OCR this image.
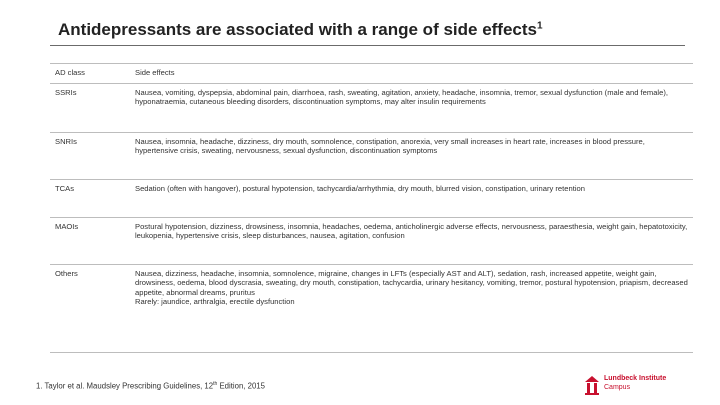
Antidepressants are associated with a range of side effects$^1$
AD class	Side effects
SSRIs	Nausea, vomiting, dyspepsia, abdominal pain, diarrhoea, rash, sweating, agitation, anxiety, headache, insomnia, tremor, sexual dysfunction (male and female), hyponatraemia, cutaneous bleeding disorders, discontinuation symptoms, may alter insulin requirements

SNRIs	Nausea, insomnia, headache, dizziness, dry mouth, somnolence, constipation, anorexia, very small increases in heart rate, increases in blood pressure, hypertensive crisis, sweating, nervousness, sexual dysfunction, discontinuation symptoms

TCAs	Sedation (often with hangover), postural hypotension, tachycardia/arrhythmia, dry mouth, blurred vision, constipation, urinary retention

MAOIs	Postural hypotension, dizziness, drowsiness, insomnia, headaches, oedema, anticholinergic adverse effects, nervousness, paraesthesia, weight gain, hepatotoxicity, leukopenia, hypertensive crisis, sleep disturbances, nausea, agitation, confusion

Others	Nausea, dizziness, headache, insomnia, somnolence, migraine, changes in LFTs (especially AST and ALT), sedation, rash, increased appetite, weight gain, drowsiness, oedema, blood dyscrasia, sweating, dry mouth, constipation, tachycardia, urinary hesitancy, vomiting, tremor, postural hypotension, priapism, decreased appetite, abnormal dreams, pruritus
Rarely: jaundice, arthralgia, erectile dysfunction
1. Taylor et al. Maudsley Prescribing Guidelines, 12th Edition, 2015
Lundbeck Institute
Campus
